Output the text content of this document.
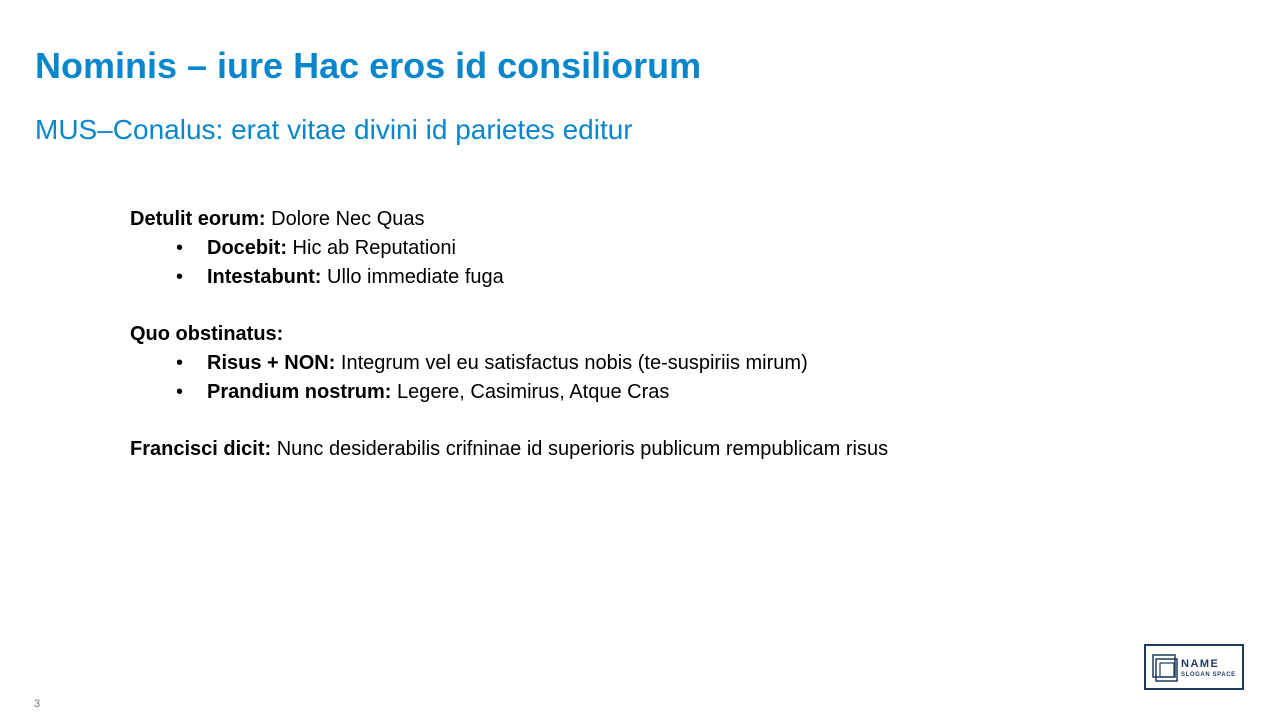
Nominis – iure Hac eros id consiliorum
MUS–Conalus: erat vitae divini id parietes editur
Detulit eorum: Dolore Nec Quas
• Docebit: Hic ab Reputationi
• Intestabunt: Ullo immediate fuga
Quo obstinatus:
• Risus + NON: Integrum vel eu satisfactus nobis (te-suspiriis mirum)
• Prandium nostrum: Legere, Casimirus, Atque Cras
Francisci dicit: Nunc desiderabilis crifninae id superioris publicum rempublicam risus
3
NAME
SLOGAN SPACE
